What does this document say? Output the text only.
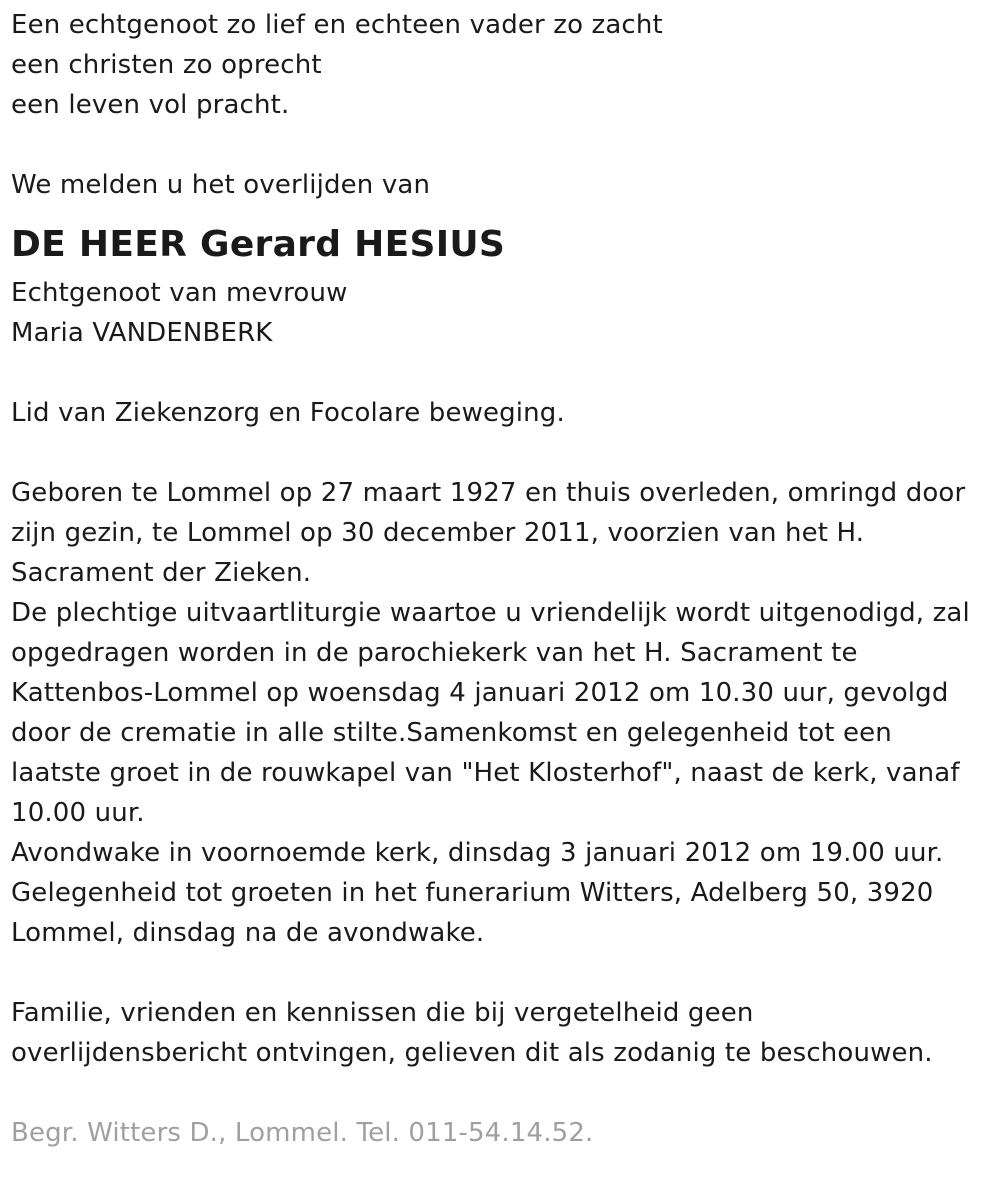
Een echtgenoot zo lief en echteen vader zo zacht
een christen zo oprecht
een leven vol pracht.
We melden u het overlijden van
DE HEER Gerard HESIUS
Echtgenoot van mevrouw
Maria VANDENBERK
Lid van Ziekenzorg en Focolare beweging.
Geboren te Lommel op 27 maart 1927 en thuis overleden, omringd door
zijn gezin, te Lommel op 30 december 2011, voorzien van het H.
Sacrament der Zieken.
De plechtige uitvaartliturgie waartoe u vriendelijk wordt uitgenodigd, zal
opgedragen worden in de parochiekerk van het H. Sacrament te
Kattenbos-Lommel op woensdag 4 januari 2012 om 10.30 uur, gevolgd
door de crematie in alle stilte.Samenkomst en gelegenheid tot een
laatste groet in de rouwkapel van "Het Klosterhof", naast de kerk, vanaf
10.00 uur.
Avondwake in voornoemde kerk, dinsdag 3 januari 2012 om 19.00 uur.
Gelegenheid tot groeten in het funerarium Witters, Adelberg 50, 3920
Lommel, dinsdag na de avondwake.
Familie, vrienden en kennissen die bij vergetelheid geen
overlijdensbericht ontvingen, gelieven dit als zodanig te beschouwen.
Begr. Witters D., Lommel. Tel. 011-54.14.52.
